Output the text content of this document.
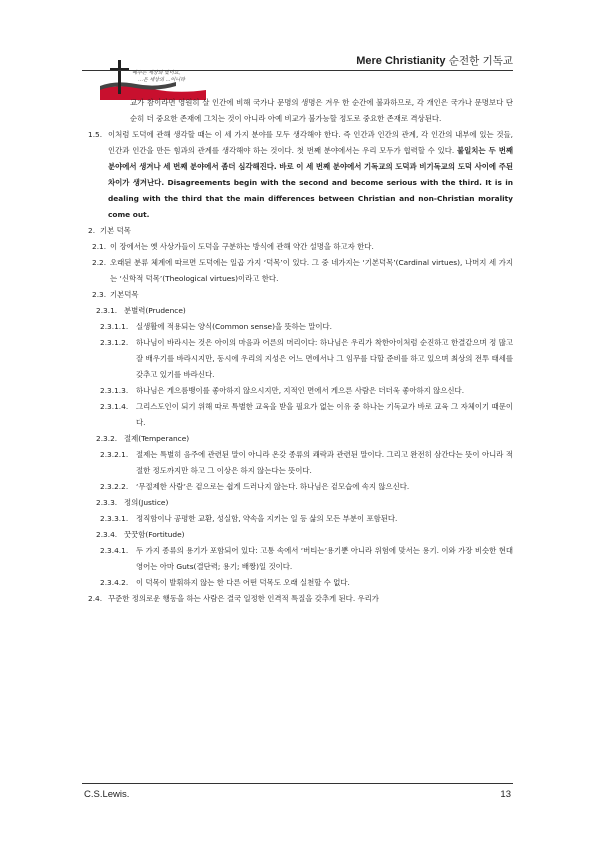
Mere Christianity 순전한 기독교
예수는 세상의 빛이요,
…은 세상의 …이니라
교가 참이라면 영원히 살 인간에 비해 국가나 문명의 생명은 겨우 한 순간에 불과하므로, 각 개인은 국가나 문명보다 단순히 더 중요한 존재에 그치는 것이 아니라 아예 비교가 불가능할 정도로 중요한 존재로 격상된다.
1.5. 이처럼 도덕에 관해 생각할 때는 이 세 가지 분야를 모두 생각해야 한다. 즉 인간과 인간의 관계, 각 인간의 내부에 있는 것들, 인간과 인간을 만든 힘과의 관계를 생각해야 하는 것이다. 첫 번째 분야에서는 우리 모두가 협력할 수 있다. 불일치는 두 번째 분야에서 생겨나 세 번째 분야에서 좀더 심각해진다. 바로 이 세 번째 분야에서 기독교의 도덕과 비기독교의 도덕 사이에 주된 차이가 생겨난다. Disagreements begin with the second and become serious with the third. It is in dealing with the third that the main differences between Christian and non-Christian morality come out.
2. 기본 덕목
2.1. 이 장에서는 옛 사상가들이 도덕을 구분하는 방식에 관해 약간 설명을 하고자 한다.
2.2. 오래된 분류 체계에 따르면 도덕에는 일곱 가지 ‘덕목’이 있다. 그 중 네가지는 ‘기본덕목’(Cardinal virtues), 나머지 세 가지는 ‘신학적 덕목’(Theological virtues)이라고 한다.
2.3. 기본덕목
2.3.1. 분별력(Prudence)
2.3.1.1. 실생활에 적용되는 양식(Common sense)을 뜻하는 말이다.
2.3.1.2. 하나님이 바라시는 것은 아이의 마음과 어른의 머리이다: 하나님은 우리가 착한아이처럼 순진하고 한결같으며 정 많고 잘 배우기를 바라시지만, 동시에 우리의 지성은 어느 면에서나 그 임무를 다할 준비를 하고 있으며 최상의 전투 태세를 갖추고 있기를 바라신다.
2.3.1.3. 하나님은 게으름뱅이를 좋아하지 않으시지만, 지적인 면에서 게으른 사람은 더더욱 좋아하지 않으신다.
2.3.1.4. 그리스도인이 되기 위해 따로 특별한 교육을 받을 필요가 없는 이유 중 하나는 기독교가 바로 교육 그 자체이기 때문이다.
2.3.2. 절제(Temperance)
2.3.2.1. 절제는 특별히 음주에 관련된 말이 아니라 온갖 종류의 쾌락과 관련된 말이다. 그리고 완전히 삼간다는 뜻이 아니라 적절한 정도까지만 하고 그 이상은 하지 않는다는 뜻이다.
2.3.2.2. ‘무절제한 사람’은 겉으로는 쉽게 드러나지 않는다. 하나님은 겉모습에 속지 않으신다.
2.3.3. 정의(Justice)
2.3.3.1. 정직함이나 공평한 교환, 성실함, 약속을 지키는 일 등 삶의 모든 부분이 포함된다.
2.3.4. 꿋꿋함(Fortitude)
2.3.4.1. 두 가지 종류의 용기가 포함되어 있다: 고통 속에서 ‘버티는’용기뿐 아니라 위험에 맞서는 용기. 이와 가장 비슷한 현대 영어는 아마 Guts(결단력; 용기; 배짱)일 것이다.
2.3.4.2. 이 덕목이 발휘하지 않는 한 다른 어떤 덕목도 오래 실천할 수 없다.
2.4. 꾸준한 정의로운 행동을 하는 사람은 결국 일정한 인격적 특질을 갖추게 된다. 우리가
C.S.Lewis.	13
